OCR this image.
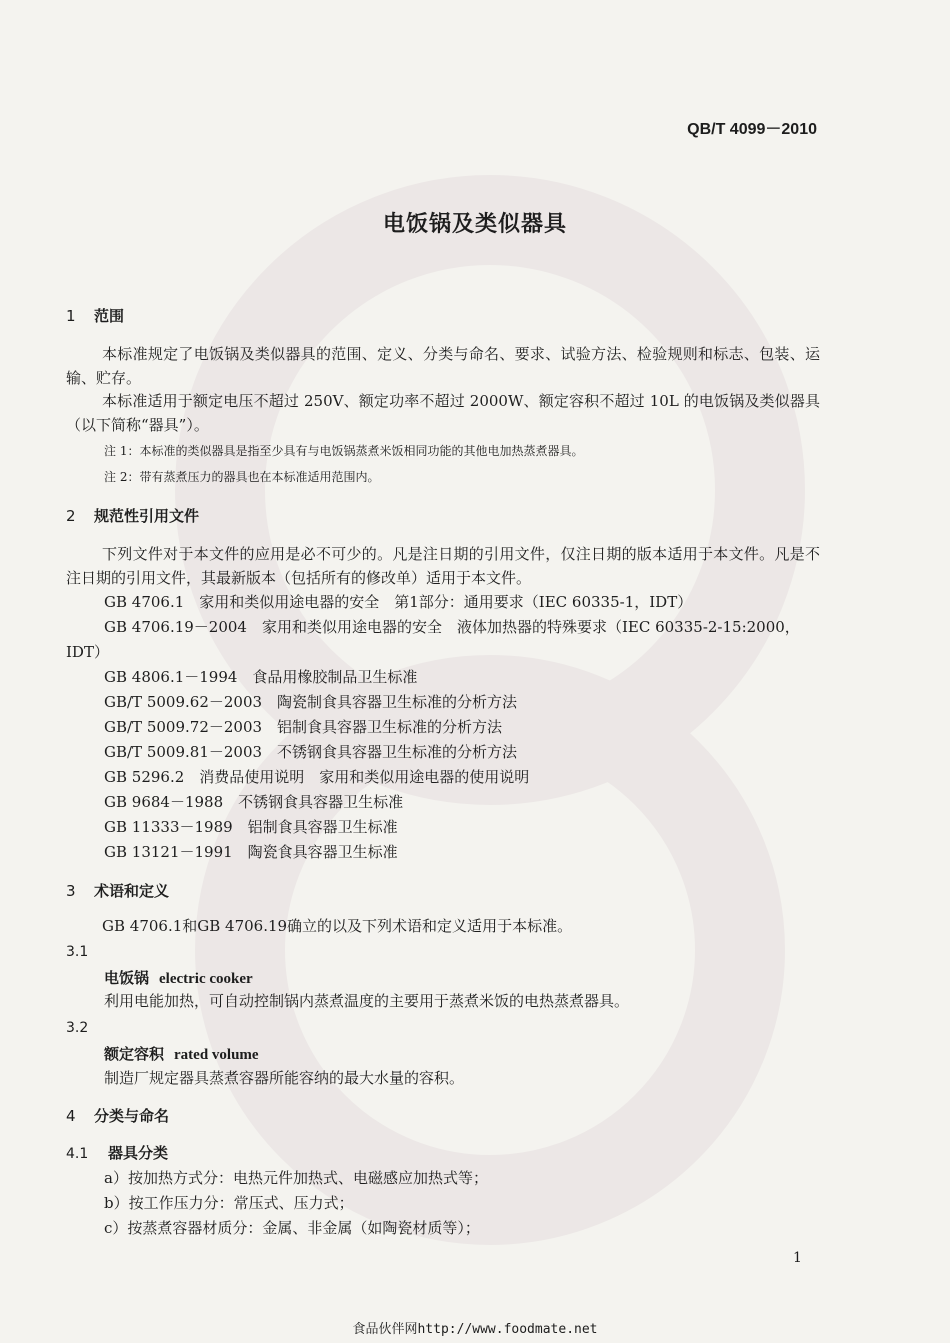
QB/T 4099－2010
电饭锅及类似器具
1 范围
本标准规定了电饭锅及类似器具的范围、定义、分类与命名、要求、试验方法、检验规则和标志、包装、运输、贮存。
本标准适用于额定电压不超过 250V、额定功率不超过 2000W、额定容积不超过 10L 的电饭锅及类似器具（以下简称“器具”）。
注 1：本标准的类似器具是指至少具有与电饭锅蒸煮米饭相同功能的其他电加热蒸煮器具。
注 2：带有蒸煮压力的器具也在本标准适用范围内。
2 规范性引用文件
下列文件对于本文件的应用是必不可少的。凡是注日期的引用文件，仅注日期的版本适用于本文件。凡是不注日期的引用文件，其最新版本（包括所有的修改单）适用于本文件。
GB 4706.1　家用和类似用途电器的安全　第1部分：通用要求（IEC 60335-1，IDT）
GB 4706.19－2004　家用和类似用途电器的安全　液体加热器的特殊要求（IEC 60335-2-15:2000，
IDT）
GB 4806.1－1994　食品用橡胶制品卫生标准
GB/T 5009.62－2003　陶瓷制食具容器卫生标准的分析方法
GB/T 5009.72－2003　铝制食具容器卫生标准的分析方法
GB/T 5009.81－2003　不锈钢食具容器卫生标准的分析方法
GB 5296.2　消费品使用说明　家用和类似用途电器的使用说明
GB 9684－1988　不锈钢食具容器卫生标准
GB 11333－1989　铝制食具容器卫生标准
GB 13121－1991　陶瓷食具容器卫生标准
3 术语和定义
GB 4706.1和GB 4706.19确立的以及下列术语和定义适用于本标准。
3.1
电饭锅 electric cooker
利用电能加热，可自动控制锅内蒸煮温度的主要用于蒸煮米饭的电热蒸煮器具。
3.2
额定容积 rated volume
制造厂规定器具蒸煮容器所能容纳的最大水量的容积。
4 分类与命名
4.1 器具分类
a）按加热方式分：电热元件加热式、电磁感应加热式等；
b）按工作压力分：常压式、压力式；
c）按蒸煮容器材质分：金属、非金属（如陶瓷材质等）；
1
食品伙伴网http://www.foodmate.net
